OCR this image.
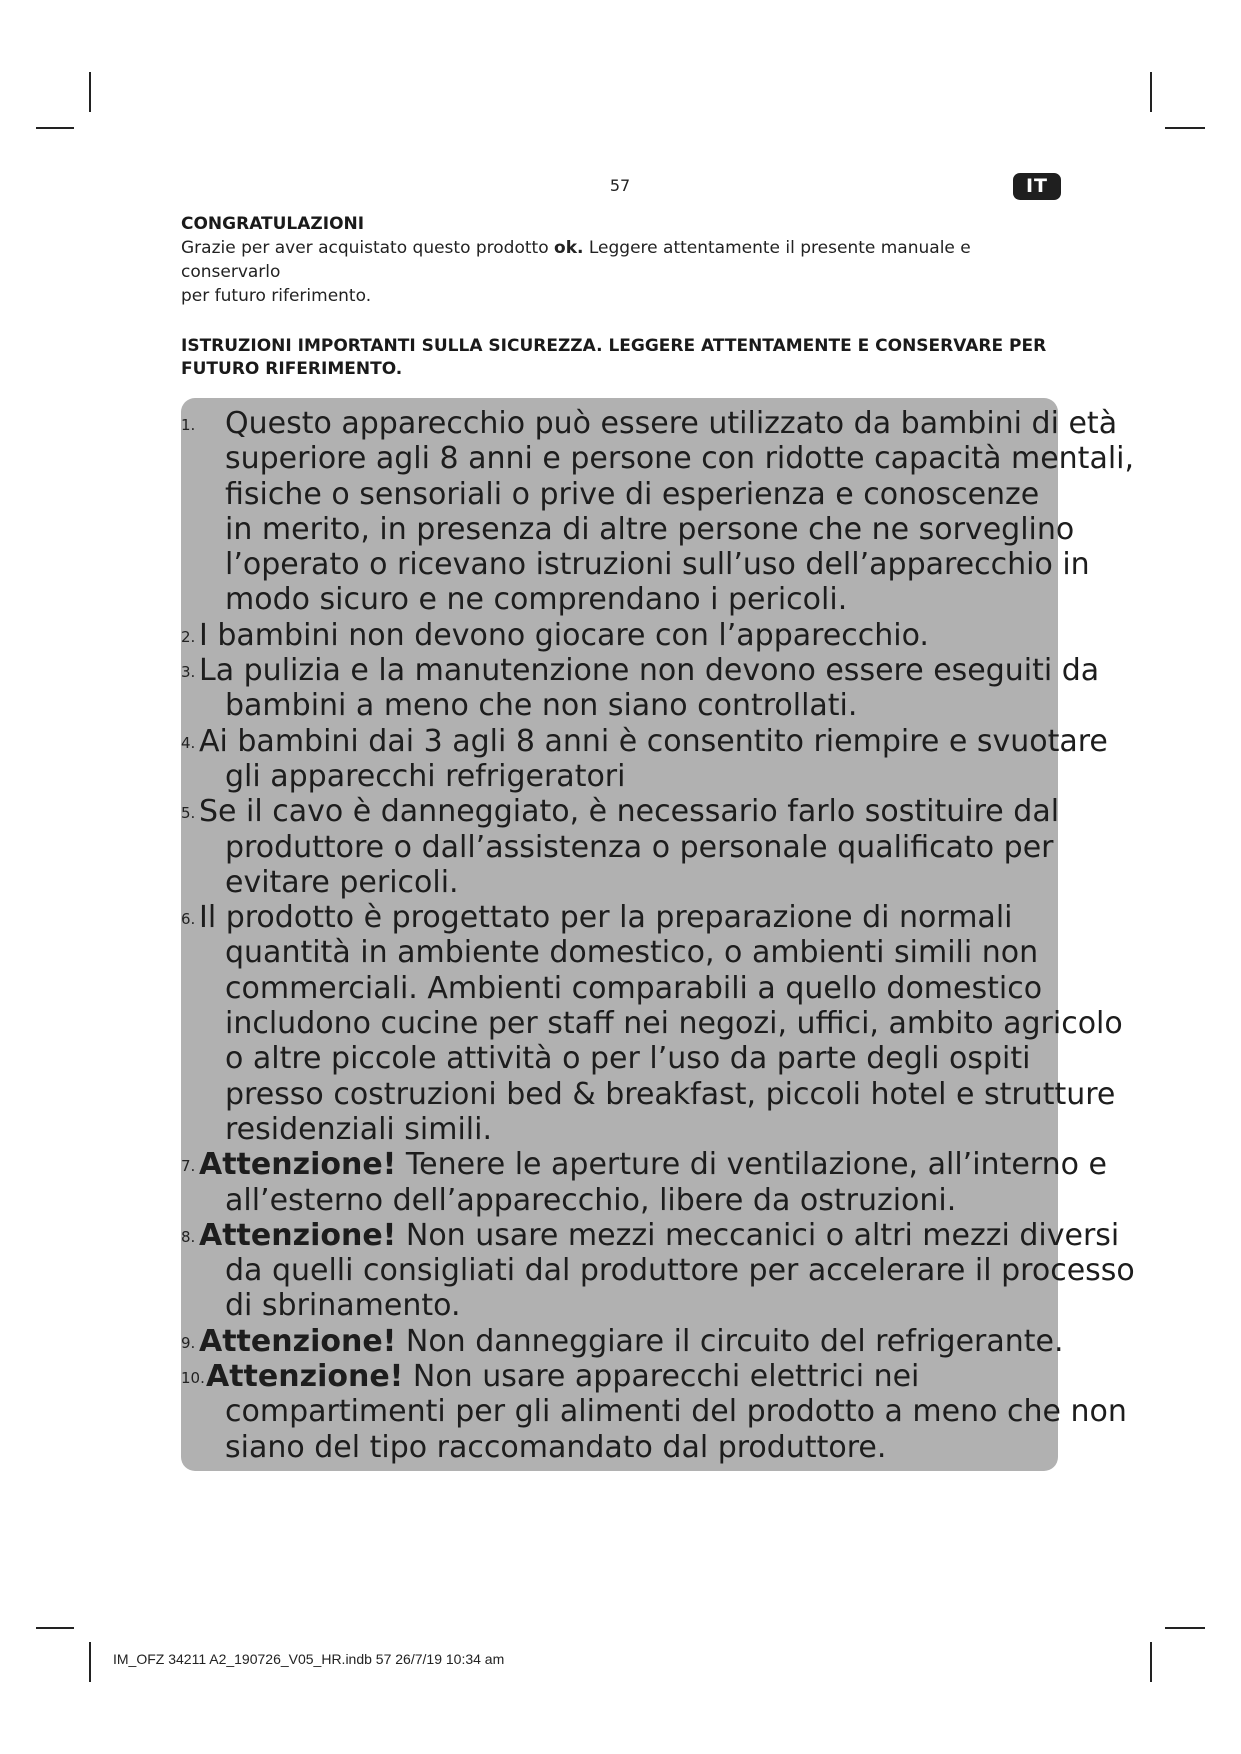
57	IT
CONGRATULAZIONI
Grazie per aver acquistato questo prodotto ok. Leggere attentamente il presente manuale e conservarlo
per futuro riferimento.
ISTRUZIONI IMPORTANTI SULLA SICUREZZA. LEGGERE ATTENTAMENTE E CONSERVARE PER
FUTURO RIFERIMENTO.
1. Questo apparecchio può essere utilizzato da bambini di età
superiore agli 8 anni e persone con ridotte capacità mentali,
fisiche o sensoriali o prive di esperienza e conoscenze
in merito, in presenza di altre persone che ne sorveglino
l’operato o ricevano istruzioni sull’uso dell’apparecchio in
modo sicuro e ne comprendano i pericoli.
2. I bambini non devono giocare con l’apparecchio.
3. La pulizia e la manutenzione non devono essere eseguiti da
bambini a meno che non siano controllati.
4. Ai bambini dai 3 agli 8 anni è consentito riempire e svuotare
gli apparecchi refrigeratori
5. Se il cavo è danneggiato, è necessario farlo sostituire dal
produttore o dall’assistenza o personale qualificato per
evitare pericoli.
6. Il prodotto è progettato per la preparazione di normali
quantità in ambiente domestico, o ambienti simili non
commerciali. Ambienti comparabili a quello domestico
includono cucine per staff nei negozi, uffici, ambito agricolo
o altre piccole attività o per l’uso da parte degli ospiti
presso costruzioni bed & breakfast, piccoli hotel e strutture
residenziali simili.
7. Attenzione! Tenere le aperture di ventilazione, all’interno e
all’esterno dell’apparecchio, libere da ostruzioni.
8. Attenzione! Non usare mezzi meccanici o altri mezzi diversi
da quelli consigliati dal produttore per accelerare il processo
di sbrinamento.
9. Attenzione! Non danneggiare il circuito del refrigerante.
10. Attenzione! Non usare apparecchi elettrici nei
compartimenti per gli alimenti del prodotto a meno che non
siano del tipo raccomandato dal produttore.
IM_OFZ 34211 A2_190726_V05_HR.indb 57 26/7/19 10:34 am
